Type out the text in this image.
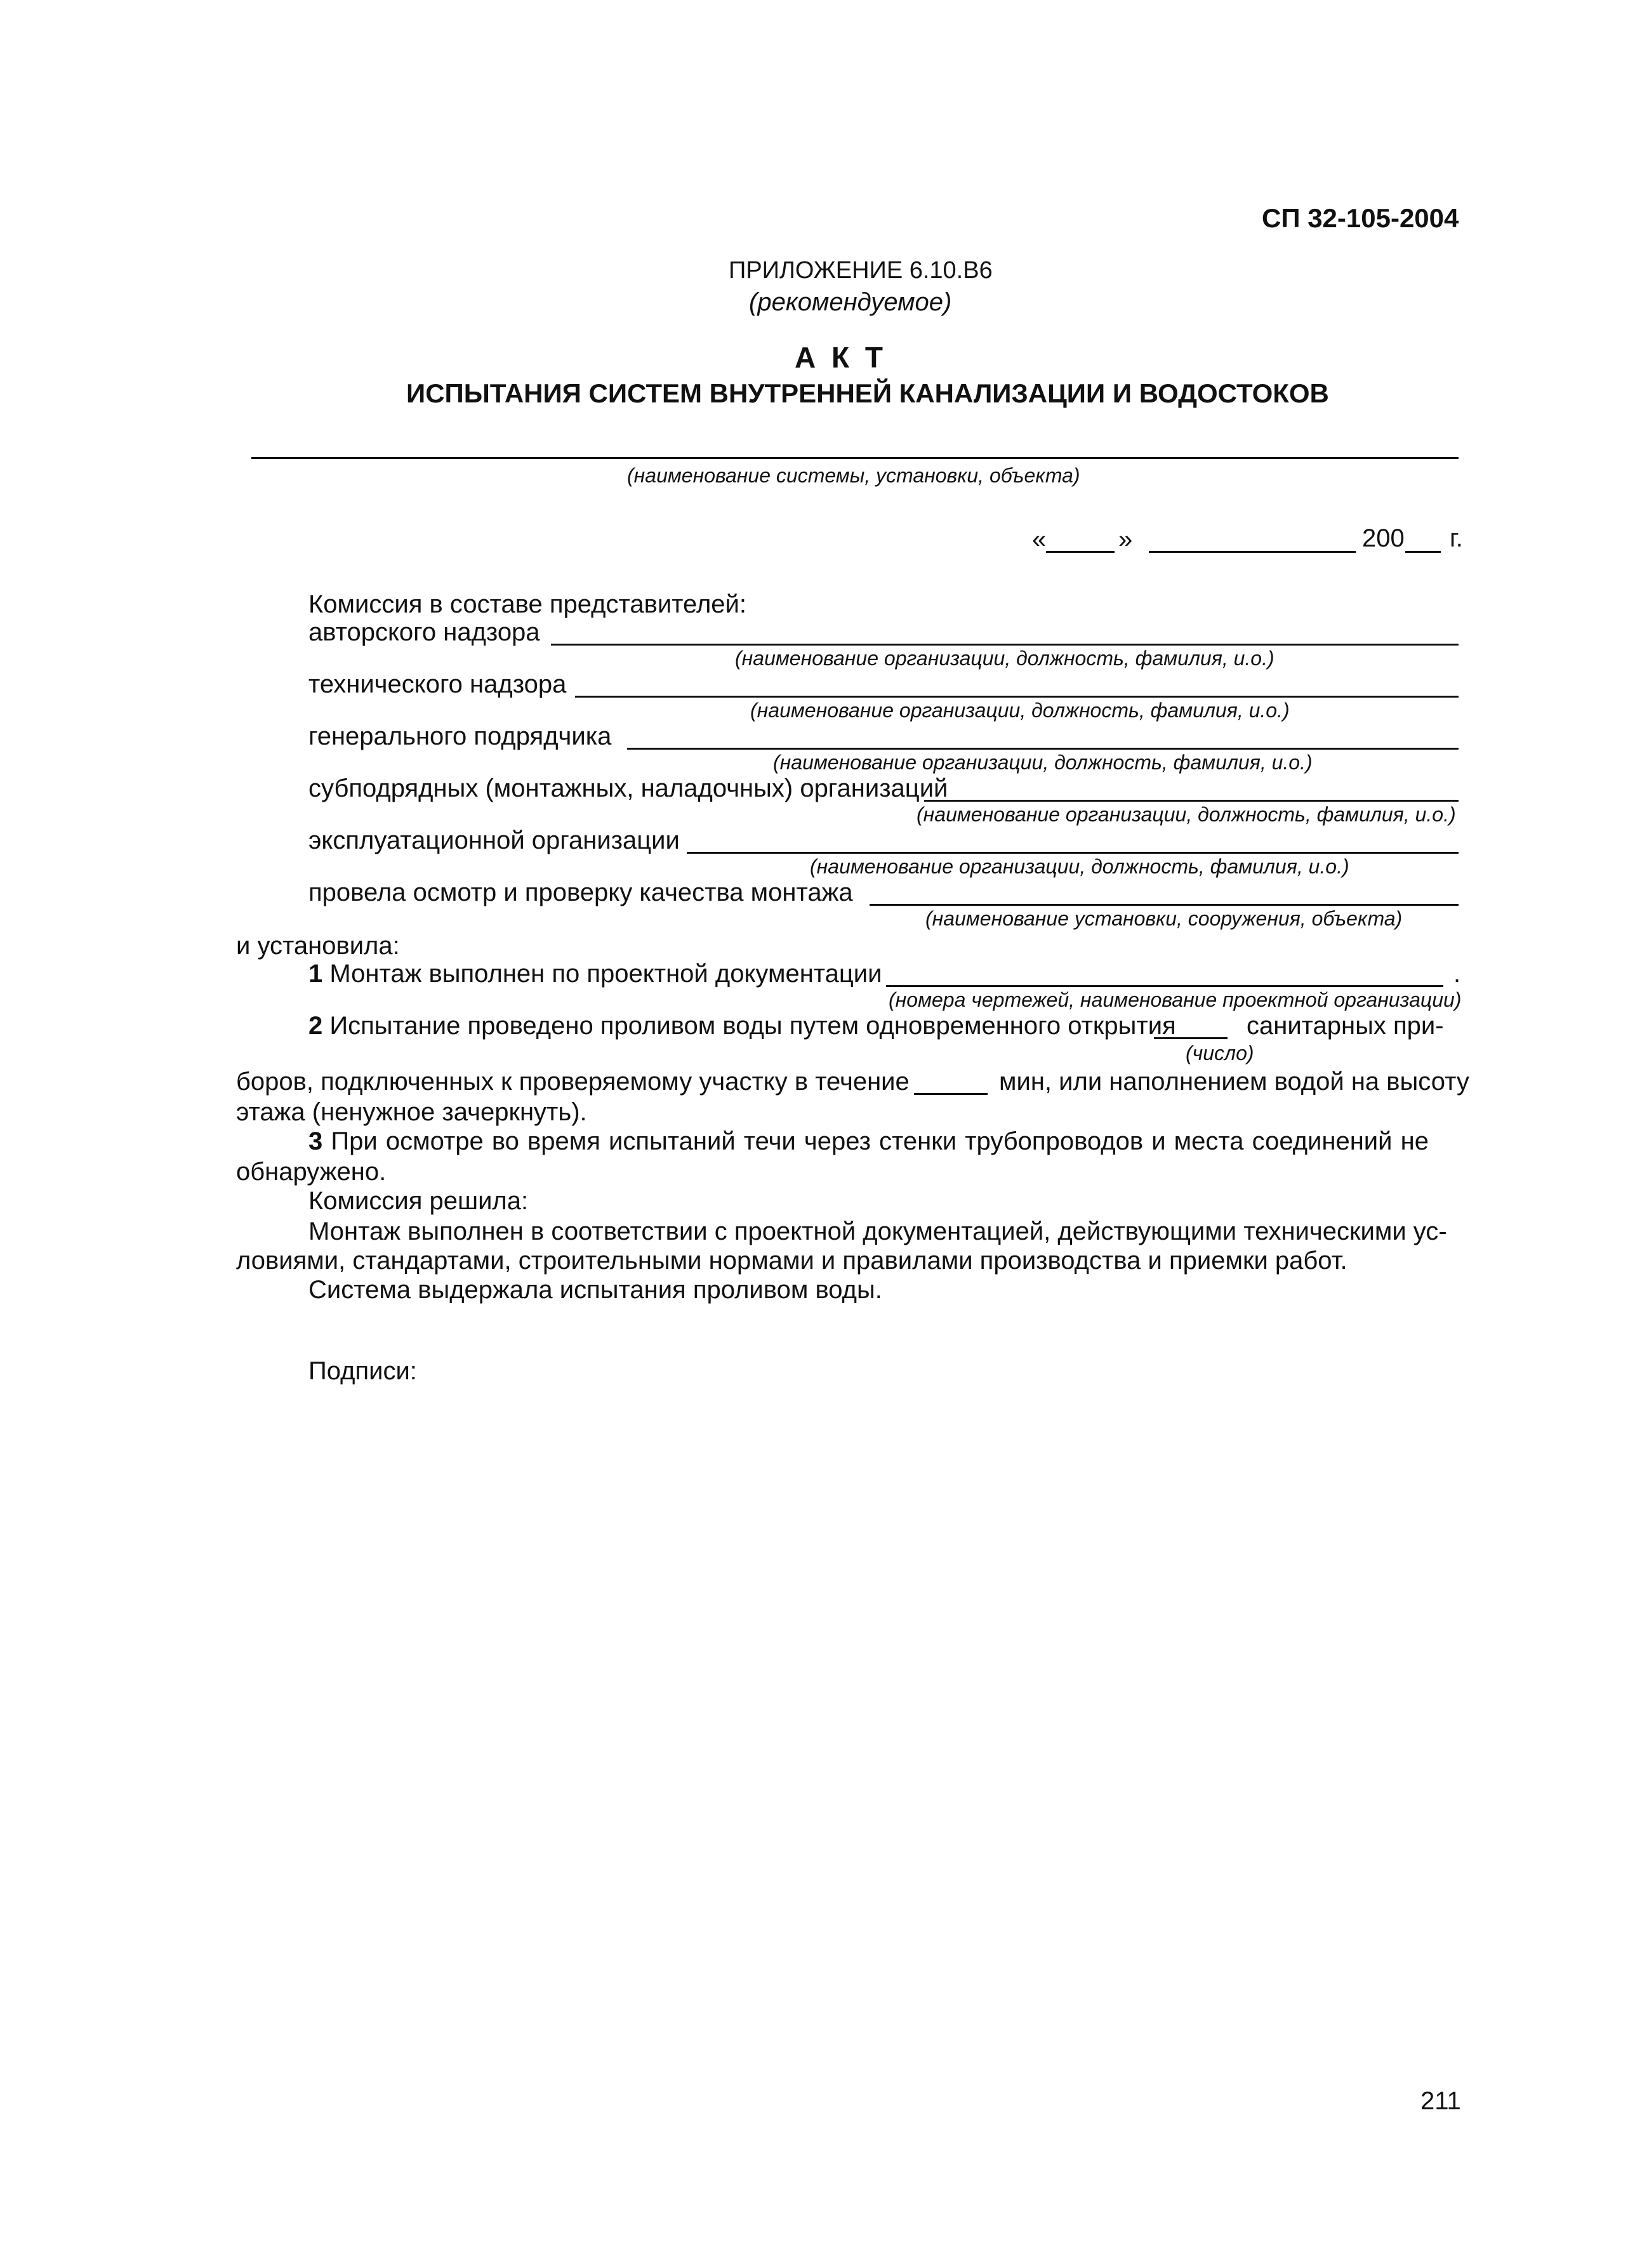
СП 32-105-2004
ПРИЛОЖЕНИЕ 6.10.В6
(рекомендуемое)
А К Т
ИСПЫТАНИЯ СИСТЕМ ВНУТРЕННЕЙ КАНАЛИЗАЦИИ И ВОДОСТОКОВ
(наименование системы, установки, объекта)
«	»	200 г.
Комиссия в составе представителей:
авторского надзора
(наименование организации, должность, фамилия, и.о.)
технического надзора
(наименование организации, должность, фамилия, и.о.)
генерального подрядчика
(наименование организации, должность, фамилия, и.о.)
субподрядных (монтажных, наладочных) организаций
(наименование организации, должность, фамилия, и.о.)
эксплуатационной организации
(наименование организации, должность, фамилия, и.о.)
провела осмотр и проверку качества монтажа
(наименование установки, сооружения, объекта)
и установила:
1 Монтаж выполнен по проектной документации	.
(номера чертежей, наименование проектной организации)
2 Испытание проведено проливом воды путем одновременного открытия	санитарных при-
(число)
боров, подключенных к проверяемому участку в течение	мин, или наполнением водой на высоту
этажа (ненужное зачеркнуть).
3 При осмотре во время испытаний течи через стенки трубопроводов и места соединений не
обнаружено.
Комиссия решила:
Монтаж выполнен в соответствии с проектной документацией, действующими техническими ус-
ловиями, стандартами, строительными нормами и правилами производства и приемки работ.
Система выдержала испытания проливом воды.
Подписи:
211
